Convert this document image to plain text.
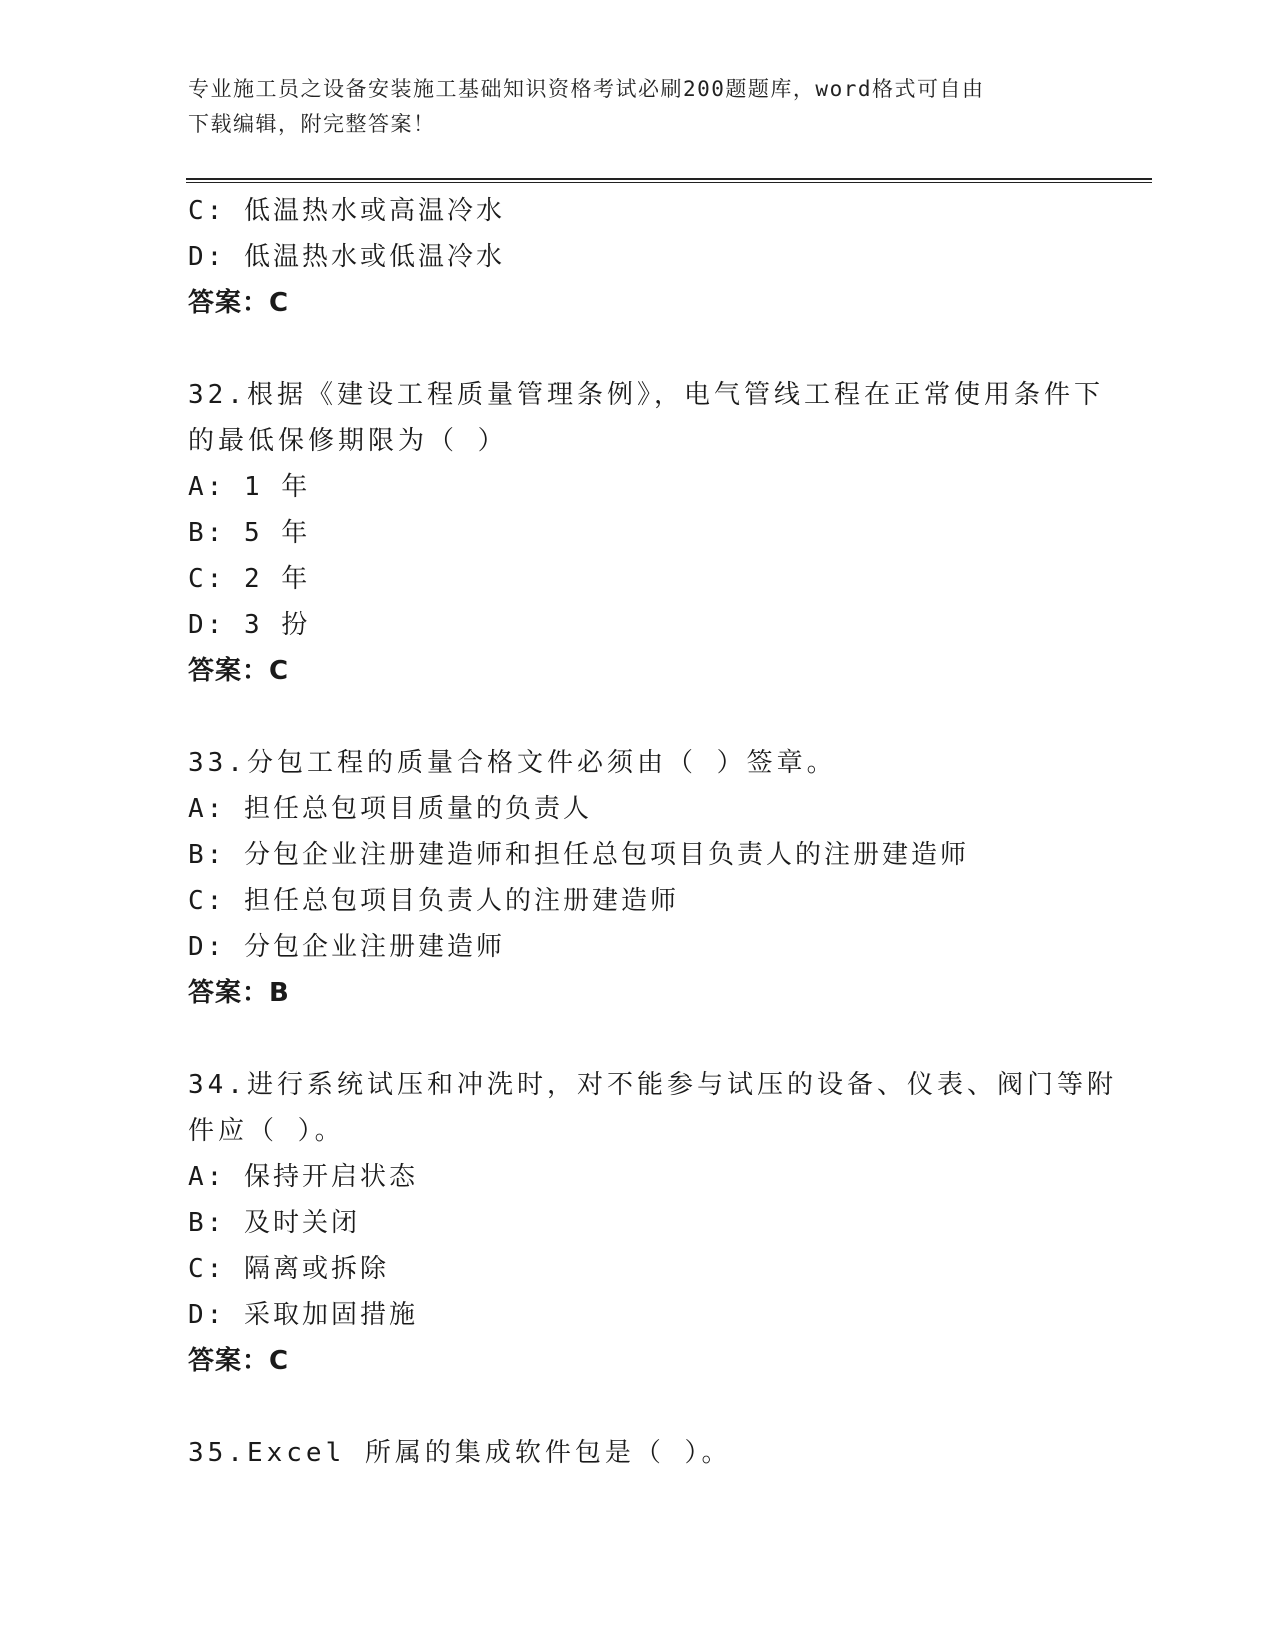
专业施工员之设备安装施工基础知识资格考试必刷200题题库，word格式可自由
下载编辑，附完整答案！
C: 低温热水或高温冷水
D: 低温热水或低温冷水
答案：C
32.根据《建设工程质量管理条例》，电气管线工程在正常使用条件下
的最低保修期限为（ ）
A: 1 年
B: 5 年
C: 2 年
D: 3 扮
答案：C
33.分包工程的质量合格文件必须由（ ）签章。
A: 担任总包项目质量的负责人
B: 分包企业注册建造师和担任总包项目负责人的注册建造师
C: 担任总包项目负责人的注册建造师
D: 分包企业注册建造师
答案：B
34.进行系统试压和冲洗时，对不能参与试压的设备、仪表、阀门等附
件应（ ）。
A: 保持开启状态
B: 及时关闭
C: 隔离或拆除
D: 采取加固措施
答案：C
35.Excel 所属的集成软件包是（ ）。
